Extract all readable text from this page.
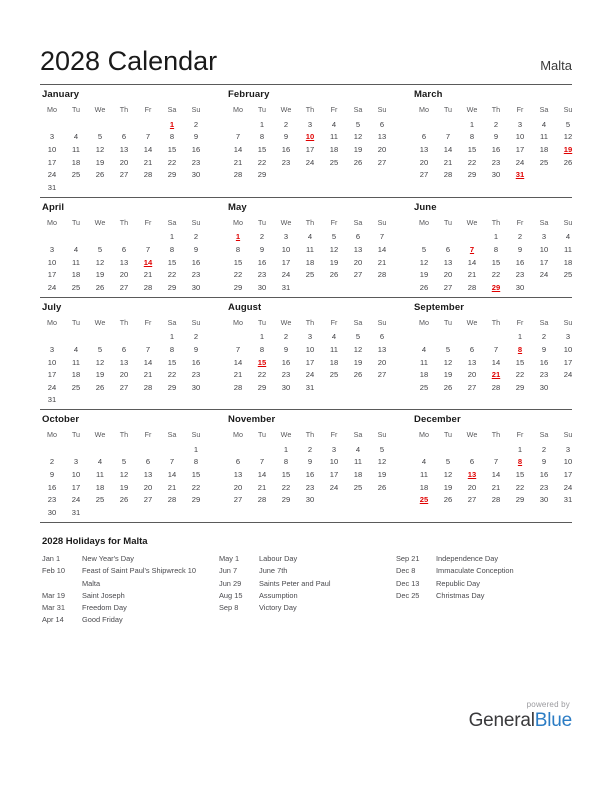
2028 Calendar	Malta
January
Mo	Tu	We	Th	Fr	Sa	Su
					1	2
3	4	5	6	7	8	9
10	11	12	13	14	15	16
17	18	19	20	21	22	23
24	25	26	27	28	29	30
31						
February
Mo	Tu	We	Th	Fr	Sa	Su
	1	2	3	4	5	6
7	8	9	10	11	12	13
14	15	16	17	18	19	20
21	22	23	24	25	26	27
28	29					
March
Mo	Tu	We	Th	Fr	Sa	Su
		1	2	3	4	5
6	7	8	9	10	11	12
13	14	15	16	17	18	19
20	21	22	23	24	25	26
27	28	29	30	31		
April
Mo	Tu	We	Th	Fr	Sa	Su
					1	2
3	4	5	6	7	8	9
10	11	12	13	14	15	16
17	18	19	20	21	22	23
24	25	26	27	28	29	30
May
Mo	Tu	We	Th	Fr	Sa	Su
1	2	3	4	5	6	7
8	9	10	11	12	13	14
15	16	17	18	19	20	21
22	23	24	25	26	27	28
29	30	31				
June
Mo	Tu	We	Th	Fr	Sa	Su
			1	2	3	4
5	6	7	8	9	10	11
12	13	14	15	16	17	18
19	20	21	22	23	24	25
26	27	28	29	30		
July
Mo	Tu	We	Th	Fr	Sa	Su
					1	2
3	4	5	6	7	8	9
10	11	12	13	14	15	16
17	18	19	20	21	22	23
24	25	26	27	28	29	30
31						
August
Mo	Tu	We	Th	Fr	Sa	Su
	1	2	3	4	5	6
7	8	9	10	11	12	13
14	15	16	17	18	19	20
21	22	23	24	25	26	27
28	29	30	31			
September
Mo	Tu	We	Th	Fr	Sa	Su
				1	2	3
4	5	6	7	8	9	10
11	12	13	14	15	16	17
18	19	20	21	22	23	24
25	26	27	28	29	30	
October
Mo	Tu	We	Th	Fr	Sa	Su
						1
2	3	4	5	6	7	8
9	10	11	12	13	14	15
16	17	18	19	20	21	22
23	24	25	26	27	28	29
30	31					
November
Mo	Tu	We	Th	Fr	Sa	Su
		1	2	3	4	5
6	7	8	9	10	11	12
13	14	15	16	17	18	19
20	21	22	23	24	25	26
27	28	29	30			
December
Mo	Tu	We	Th	Fr	Sa	Su
				1	2	3
4	5	6	7	8	9	10
11	12	13	14	15	16	17
18	19	20	21	22	23	24
25	26	27	28	29	30	31
2028 Holidays for Malta
Jan 1	New Year's Day
Feb 10	Feast of Saint Paul's Shipwreck 10
Malta
Mar 19	Saint Joseph
Mar 31	Freedom Day
Apr 14	Good Friday
May 1	Labour Day
Jun 7	June 7th
Jun 29	Saints Peter and Paul
Aug 15	Assumption
Sep 8	Victory Day
Sep 21	Independence Day
Dec 8	Immaculate Conception
Dec 13	Republic Day
Dec 25	Christmas Day
powered by
GeneralBlue
